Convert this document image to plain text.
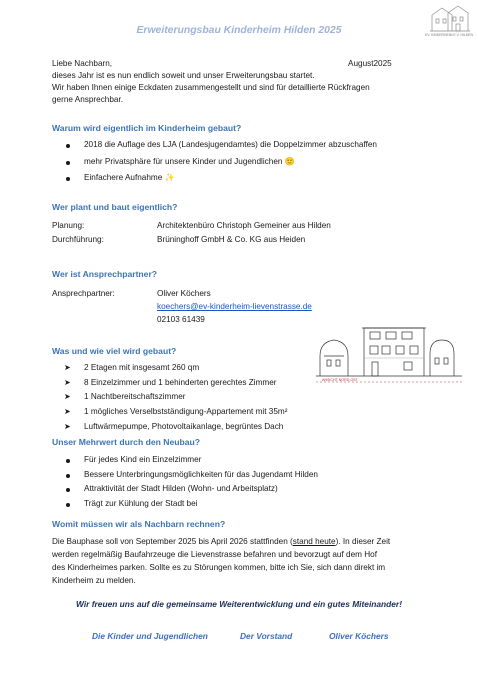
Erweiterungsbau Kinderheim Hilden 2025	EV. KINDERHEIM E.V. HILDEN
Liebe Nachbarn,	August2025
dieses Jahr ist es nun endlich soweit und unser Erweiterungsbau startet.
Wir haben Ihnen einige Eckdaten zusammengestellt und sind für detaillierte Rückfragen
gerne Ansprechbar.
Warum wird eigentlich im Kinderheim gebaut?
2018 die Auflage des LJA (Landesjugendamtes) die Doppelzimmer abzuschaffen
mehr Privatsphäre für unsere Kinder und Jugendlichen 🙂
Einfachere Aufnahme ✨
Wer plant und baut eigentlich?
Planung:	Architektenbüro Christoph Gemeiner aus Hilden
Durchführung:	Brüninghoff GmbH & Co. KG aus Heiden
Wer ist Ansprechpartner?
Ansprechpartner:	Oliver Köchers
koechers@ev-kinderheim-lievenstrasse.de
02103 61439
ANSICHT NORD-OST
Was und wie viel wird gebaut?
➤ 2 Etagen mit insgesamt 260 qm
➤ 8 Einzelzimmer und 1 behinderten gerechtes Zimmer
➤ 1 Nachtbereitschaftszimmer
➤ 1 mögliches Verselbstständigung-Appartement mit 35m²
➤ Luftwärmepumpe, Photovoltaikanlage, begrüntes Dach
Unser Mehrwert durch den Neubau?
Für jedes Kind ein Einzelzimmer
Bessere Unterbringungsmöglichkeiten für das Jugendamt Hilden
Attraktivität der Stadt Hilden (Wohn- und Arbeitsplatz)
Trägt zur Kühlung der Stadt bei
Womit müssen wir als Nachbarn rechnen?
Die Bauphase soll von September 2025 bis April 2026 stattfinden (stand heute). In dieser Zeit
werden regelmäßig Baufahrzeuge die Lievenstrasse befahren und bevorzugt auf dem Hof
des Kinderheimes parken. Sollte es zu Störungen kommen, bitte ich Sie, sich dann direkt im
Kinderheim zu melden.
Wir freuen uns auf die gemeinsame Weiterentwicklung und ein gutes Miteinander!
Die Kinder und Jugendlichen	Der Vorstand	Oliver Köchers
